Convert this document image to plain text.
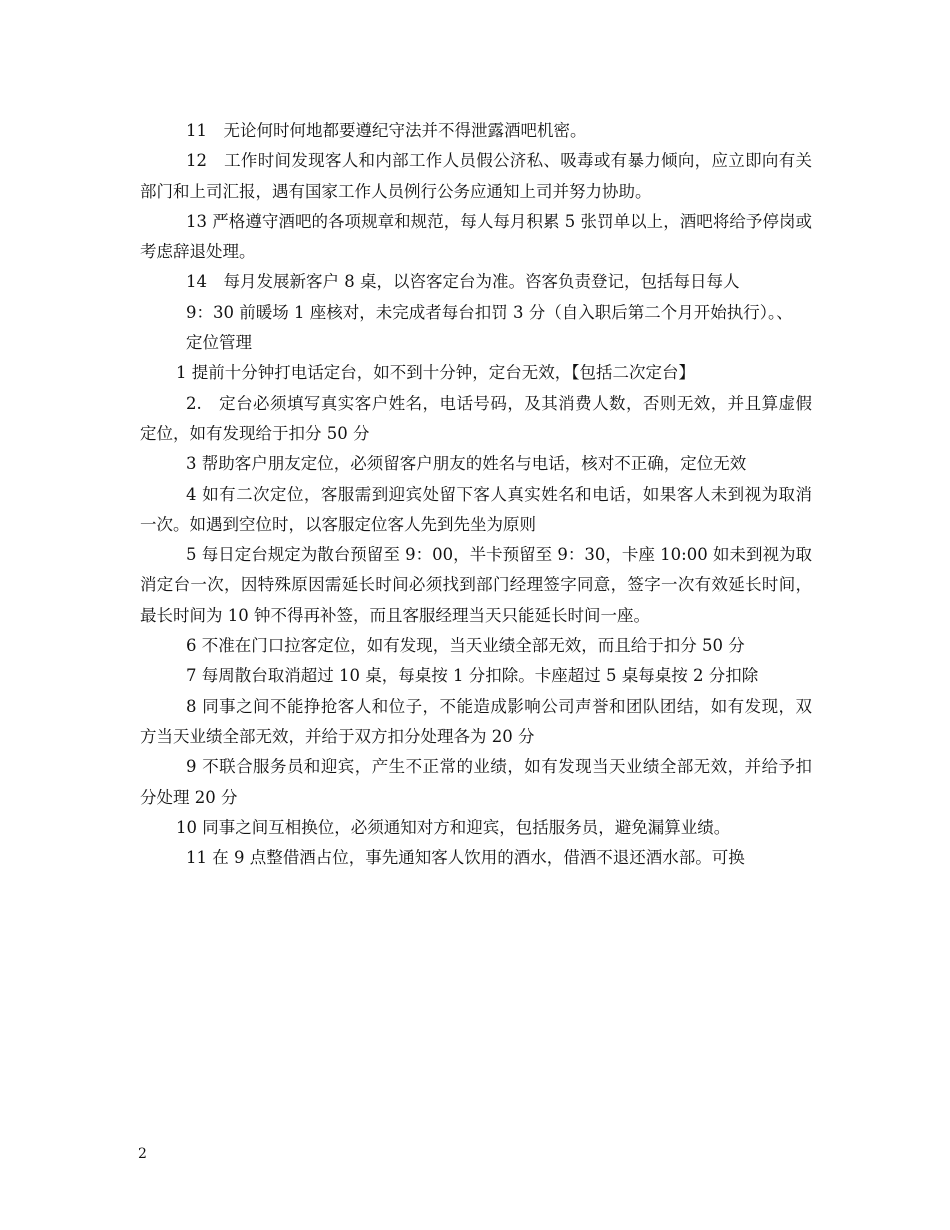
11　无论何时何地都要遵纪守法并不得泄露酒吧机密。

12　工作时间发现客人和内部工作人员假公济私、吸毒或有暴力倾向，应立即向有关部门和上司汇报，遇有国家工作人员例行公务应通知上司并努力协助。

13 严格遵守酒吧的各项规章和规范，每人每月积累 5 张罚单以上，酒吧将给予停岗或考虑辞退处理。

14　每月发展新客户 8 桌，以咨客定台为准。咨客负责登记，包括每日每人

9：30 前暖场 1 座核对，未完成者每台扣罚 3 分（自入职后第二个月开始执行）。、

定位管理

1 提前十分钟打电话定台，如不到十分钟，定台无效，【包括二次定台】

2.　定台必须填写真实客户姓名，电话号码，及其消费人数，否则无效，并且算虚假定位，如有发现给于扣分 50 分

3 帮助客户朋友定位，必须留客户朋友的姓名与电话，核对不正确，定位无效

4 如有二次定位，客服需到迎宾处留下客人真实姓名和电话，如果客人未到视为取消一次。如遇到空位时，以客服定位客人先到先坐为原则

5 每日定台规定为散台预留至 9：00，半卡预留至 9：30，卡座 10:00 如未到视为取消定台一次，因特殊原因需延长时间必须找到部门经理签字同意，签字一次有效延长时间，最长时间为 10 钟不得再补签，而且客服经理当天只能延长时间一座。

6 不准在门口拉客定位，如有发现，当天业绩全部无效，而且给于扣分 50 分

7 每周散台取消超过 10 桌，每桌按 1 分扣除。卡座超过 5 桌每桌按 2 分扣除

8 同事之间不能挣抢客人和位子，不能造成影响公司声誉和团队团结，如有发现，双方当天业绩全部无效，并给于双方扣分处理各为 20 分

9 不联合服务员和迎宾，产生不正常的业绩，如有发现当天业绩全部无效，并给予扣分处理 20 分

10 同事之间互相换位，必须通知对方和迎宾，包括服务员，避免漏算业绩。

11 在 9 点整借酒占位，事先通知客人饮用的酒水，借酒不退还酒水部。可换

2
